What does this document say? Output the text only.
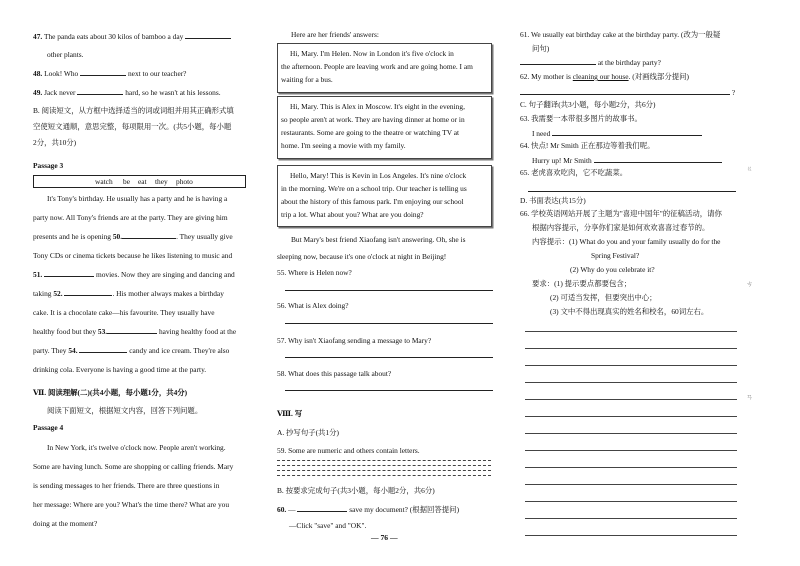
47. The panda eats about 30 kilos of bamboo a day
other plants.
48. Look! Who	next to our teacher?
49. Jack never	hard, so he wasn't at his lessons.
B. 阅读短文，从方框中选择适当的词或词组并用其正确形式填
空使短文通顺，意思完整，每项限用一次。(共5小题，每小题
2分，共10分)
Passage 3
watch be eat they photo
It's Tony's birthday. He usually has a party and he is having a
party now. All Tony's friends are at the party. They are giving him
presents and he is opening 50.	. They usually give
Tony CDs or cinema tickets because he likes listening to music and
51.	movies. Now they are singing and dancing and
taking 52.	. His mother always makes a birthday
cake. It is a chocolate cake—his favourite. They usually have
healthy food but they 53.	having healthy food at the
party. They 54.	candy and ice cream. They're also
drinking cola. Everyone is having a good time at the party.
Ⅶ. 阅读理解(二)(共4小题，每小题1分，共4分)
阅读下面短文，根据短文内容，回答下列问题。
Passage 4
In New York, it's twelve o'clock now. People aren't working.
Some are having lunch. Some are shopping or calling friends. Mary
is sending messages to her friends. There are three questions in
her message: Where are you? What's the time there? What are you
doing at the moment?
Here are her friends' answers:
Hi, Mary. I'm Helen. Now in London it's five o'clock in
the afternoon. People are leaving work and are going home. I am
waiting for a bus.
Hi, Mary. This is Alex in Moscow. It's eight in the evening,
so people aren't at work. They are having dinner at home or in
restaurants. Some are going to the theatre or watching TV at
home. I'm seeing a movie with my family.
Hello, Mary! This is Kevin in Los Angeles. It's nine o'clock
in the morning. We're on a school trip. Our teacher is telling us
about the history of this famous park. I'm enjoying our school
trip a lot. What about you? What are you doing?
But Mary's best friend Xiaofang isn't answering. Oh, she is
sleeping now, because it's one o'clock at night in Beijing!
55. Where is Helen now?
56. What is Alex doing?
57. Why isn't Xiaofang sending a message to Mary?
58. What does this passage talk about?
Ⅷ. 写
A. 抄写句子(共1分)
59. Some are numeric and others contain letters.
B. 按要求完成句子(共3小题，每小题2分，共6分)
60. —	save my document? (根据回答提问)
—Click "save" and "OK".
— 76 —
61. We usually eat birthday cake at the birthday party. (改为一般疑
问句)
at the birthday party?
62. My mother is cleaning our house. (对画线部分提问)
?
C. 句子翻译(共3小题，每小题2分，共6分)
63. 我需要一本带很多图片的故事书。
I need
64. 快点! Mr Smith 正在那边等着我们呢。
Hurry up! Mr Smith
65. 老虎喜欢吃肉，它不吃蔬菜。
D. 书面表达(共15分)
66. 学校英语网站开展了主题为"喜迎中国年"的征稿活动，请你
根据内容提示，分享你们家是如何欢欢喜喜过春节的。
内容提示：(1) What do you and your family usually do for the
Spring Festival?
(2) Why do you celebrate it?
要求：(1) 提示要点都要包含；
(2) 可适当发挥，但要突出中心；
(3) 文中不得出现真实的姓名和校名，60词左右。
ㄍ
ㄘ
ㄢ
